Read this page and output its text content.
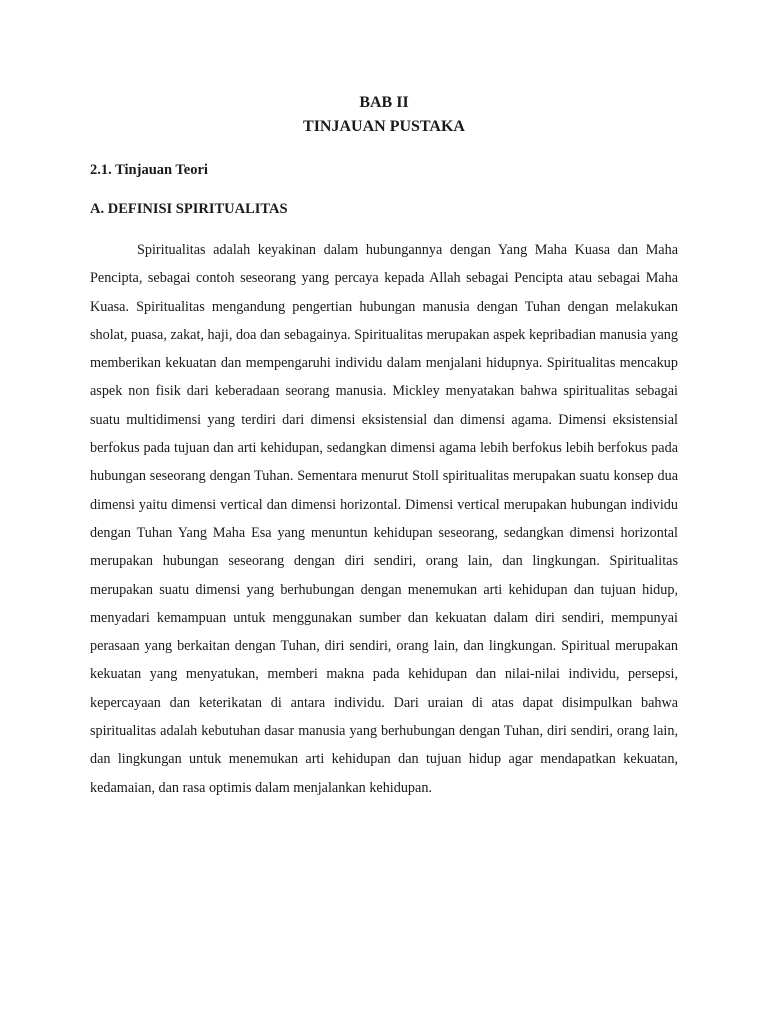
BAB II
TINJAUAN PUSTAKA
2.1. Tinjauan Teori
A. DEFINISI SPIRITUALITAS

Spiritualitas adalah keyakinan dalam hubungannya dengan Yang Maha Kuasa dan Maha Pencipta, sebagai contoh seseorang yang percaya kepada Allah sebagai Pencipta atau sebagai Maha Kuasa. Spiritualitas mengandung pengertian hubungan manusia dengan Tuhan dengan melakukan sholat, puasa, zakat, haji, doa dan sebagainya. Spiritualitas merupakan aspek kepribadian manusia yang memberikan kekuatan dan mempengaruhi individu dalam menjalani hidupnya. Spiritualitas mencakup aspek non fisik dari keberadaan seorang manusia. Mickley menyatakan bahwa spiritualitas sebagai suatu multidimensi yang terdiri dari dimensi eksistensial dan dimensi agama. Dimensi eksistensial berfokus pada tujuan dan arti kehidupan, sedangkan dimensi agama lebih berfokus lebih berfokus pada hubungan seseorang dengan Tuhan. Sementara menurut Stoll spiritualitas merupakan suatu konsep dua dimensi yaitu dimensi vertical dan dimensi horizontal. Dimensi vertical merupakan hubungan individu dengan Tuhan Yang Maha Esa yang menuntun kehidupan seseorang, sedangkan dimensi horizontal merupakan hubungan seseorang dengan diri sendiri, orang lain, dan lingkungan. Spiritualitas merupakan suatu dimensi yang berhubungan dengan menemukan arti kehidupan dan tujuan hidup, menyadari kemampuan untuk menggunakan sumber dan kekuatan dalam diri sendiri, mempunyai perasaan yang berkaitan dengan Tuhan, diri sendiri, orang lain, dan lingkungan. Spiritual merupakan kekuatan yang menyatukan, memberi makna pada kehidupan dan nilai-nilai individu, persepsi, kepercayaan dan keterikatan di antara individu. Dari uraian di atas dapat disimpulkan bahwa spiritualitas adalah kebutuhan dasar manusia yang berhubungan dengan Tuhan, diri sendiri, orang lain, dan lingkungan untuk menemukan arti kehidupan dan tujuan hidup agar mendapatkan kekuatan, kedamaian, dan rasa optimis dalam menjalankan kehidupan.
